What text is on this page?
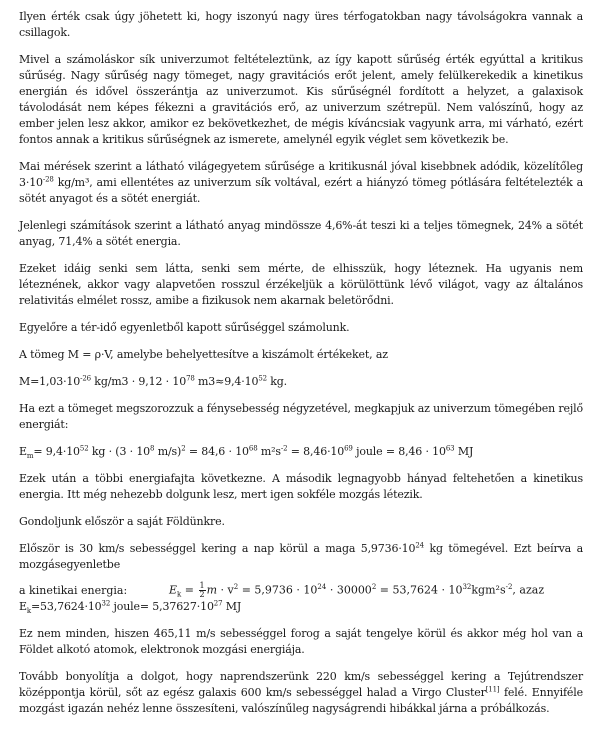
Ilyen érték csak úgy jöhetett ki, hogy iszonyú nagy üres térfogatokban nagy távolságokra vannak a csillagok.

Mivel a számoláskor sík univerzumot feltételeztünk, az így kapott sűrűség érték egyúttal a kritikus sűrűség. Nagy sűrűség nagy tömeget, nagy gravitációs erőt jelent, amely felülkerekedik a kinetikus energián és idővel összerántja az univerzumot. Kis sűrűségnél fordított a helyzet, a galaxisok távolodását nem képes fékezni a gravitációs erő, az univerzum szétrepül. Nem valószínű, hogy az ember jelen lesz akkor, amikor ez bekövetkezhet, de mégis kíváncsiak vagyunk arra, mi várható, ezért fontos annak a kritikus sűrűségnek az ismerete, amelynél egyik véglet sem következik be.

Mai mérések szerint a látható világegyetem sűrűsége a kritikusnál jóval kisebbnek adódik, közelítőleg $3\cdot 10^{-28}$ kg/m³, ami ellentétes az univerzum sík voltával, ezért a hiányzó tömeg pótlására feltételezték a sötét anyagot és a sötét energiát.

Jelenlegi számítások szerint a látható anyag mindössze 4,6%-át teszi ki a teljes tömegnek, 24% a sötét anyag, 71,4% a sötét energia.

Ezeket idáig senki sem látta, senki sem mérte, de elhisszük, hogy léteznek. Ha ugyanis nem léteznének, akkor vagy alapvetően rosszul érzékeljük a körülöttünk lévő világot, vagy az általános relativitás elmélet rossz, amibe a fizikusok nem akarnak beletörődni.

Egyelőre a tér-idő egyenletből kapott sűrűséggel számolunk.

A tömeg M = ρ·V, amelybe behelyettesítve a kiszámolt értékeket, az

$M=1,03\cdot 10^{-26}$ $kg/m3 \cdot 9,12 \cdot 10^{78}$ $m3\approx 9,4\cdot 10^{52}$ kg.

Ha ezt a tömeget megszorozzuk a fénysebesség négyzetével, megkapjuk az univerzum tömegében rejlő energiát:

$E_m= 9,4\cdot 10^{52}$ kg · ($3 \cdot 10^8$ $m/s)^2 = 84,6 \cdot 10^{68}$ $m^2s^{-2} = 8,46\cdot 10^{69}$ joule = $8,46 \cdot 10^{63}$ MJ

Ezek után a többi energiafajta következne. A második legnagyobb hányad feltehetően a kinetikus energia. Itt még nehezebb dolgunk lesz, mert igen sokféle mozgás létezik.

Gondoljunk először a saját Földünkre.

Először is 30 km/s sebességgel kering a nap körül a maga $5,9736\cdot 10^{24}$ kg tömegével. Ezt beírva a mozgásegyenletbe

a kinetikai energia:	$E_k = \frac{1}{2}$ $m \cdot v^2 = 5,9736 \cdot 10^{24} \cdot 30000^2 = 53,7624 \cdot 10^{32}kgm^2s^{-2}$, azaz

$E_k=53,7624\cdot 10^{32}$ joule= $5,37627\cdot 10^{27}$ MJ

Ez nem minden, hiszen 465,11 m/s sebességgel forog a saját tengelye körül és akkor még hol van a Földet alkotó atomok, elektronok mozgási energiája.

Tovább bonyolítja a dolgot, hogy naprendszerünk 220 km/s sebességgel kering a Tejútrendszer középpontja körül, sőt az egész galaxis 600 km/s sebességgel halad a Virgo Cluster[11] felé. Ennyiféle mozgást igazán nehéz lenne összesíteni, valószínűleg nagyságrendi hibákkal járna a próbálkozás.
